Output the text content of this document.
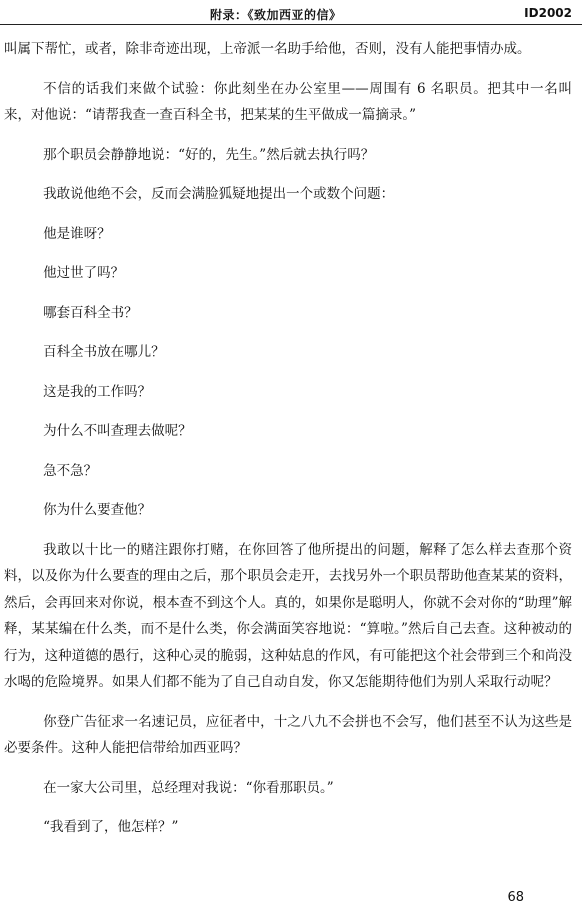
附录：《致加西亚的信》	ID2002

叫属下帮忙，或者，除非奇迹出现，上帝派一名助手给他，否则，没有人能把事情办成。

不信的话我们来做个试验：你此刻坐在办公室里——周围有 6 名职员。把其中一名叫来，对他说：“请帮我查一查百科全书，把某某的生平做成一篇摘录。”

那个职员会静静地说：“好的，先生。”然后就去执行吗？

我敢说他绝不会，反而会满脸狐疑地提出一个或数个问题：

他是谁呀？

他过世了吗？

哪套百科全书？

百科全书放在哪儿？

这是我的工作吗？

为什么不叫查理去做呢？

急不急？

你为什么要查他？

我敢以十比一的赌注跟你打赌，在你回答了他所提出的问题，解释了怎么样去查那个资料，以及你为什么要查的理由之后，那个职员会走开，去找另外一个职员帮助他查某某的资料，然后，会再回来对你说，根本查不到这个人。真的，如果你是聪明人，你就不会对你的“助理”解释，某某编在什么类，而不是什么类，你会满面笑容地说：“算啦。”然后自己去查。这种被动的行为，这种道德的愚行，这种心灵的脆弱，这种姑息的作风，有可能把这个社会带到三个和尚没水喝的危险境界。如果人们都不能为了自己自动自发，你又怎能期待他们为别人采取行动呢？

你登广告征求一名速记员，应征者中，十之八九不会拼也不会写，他们甚至不认为这些是必要条件。这种人能把信带给加西亚吗？

在一家大公司里，总经理对我说：“你看那职员。”

“我看到了，他怎样？”

68
